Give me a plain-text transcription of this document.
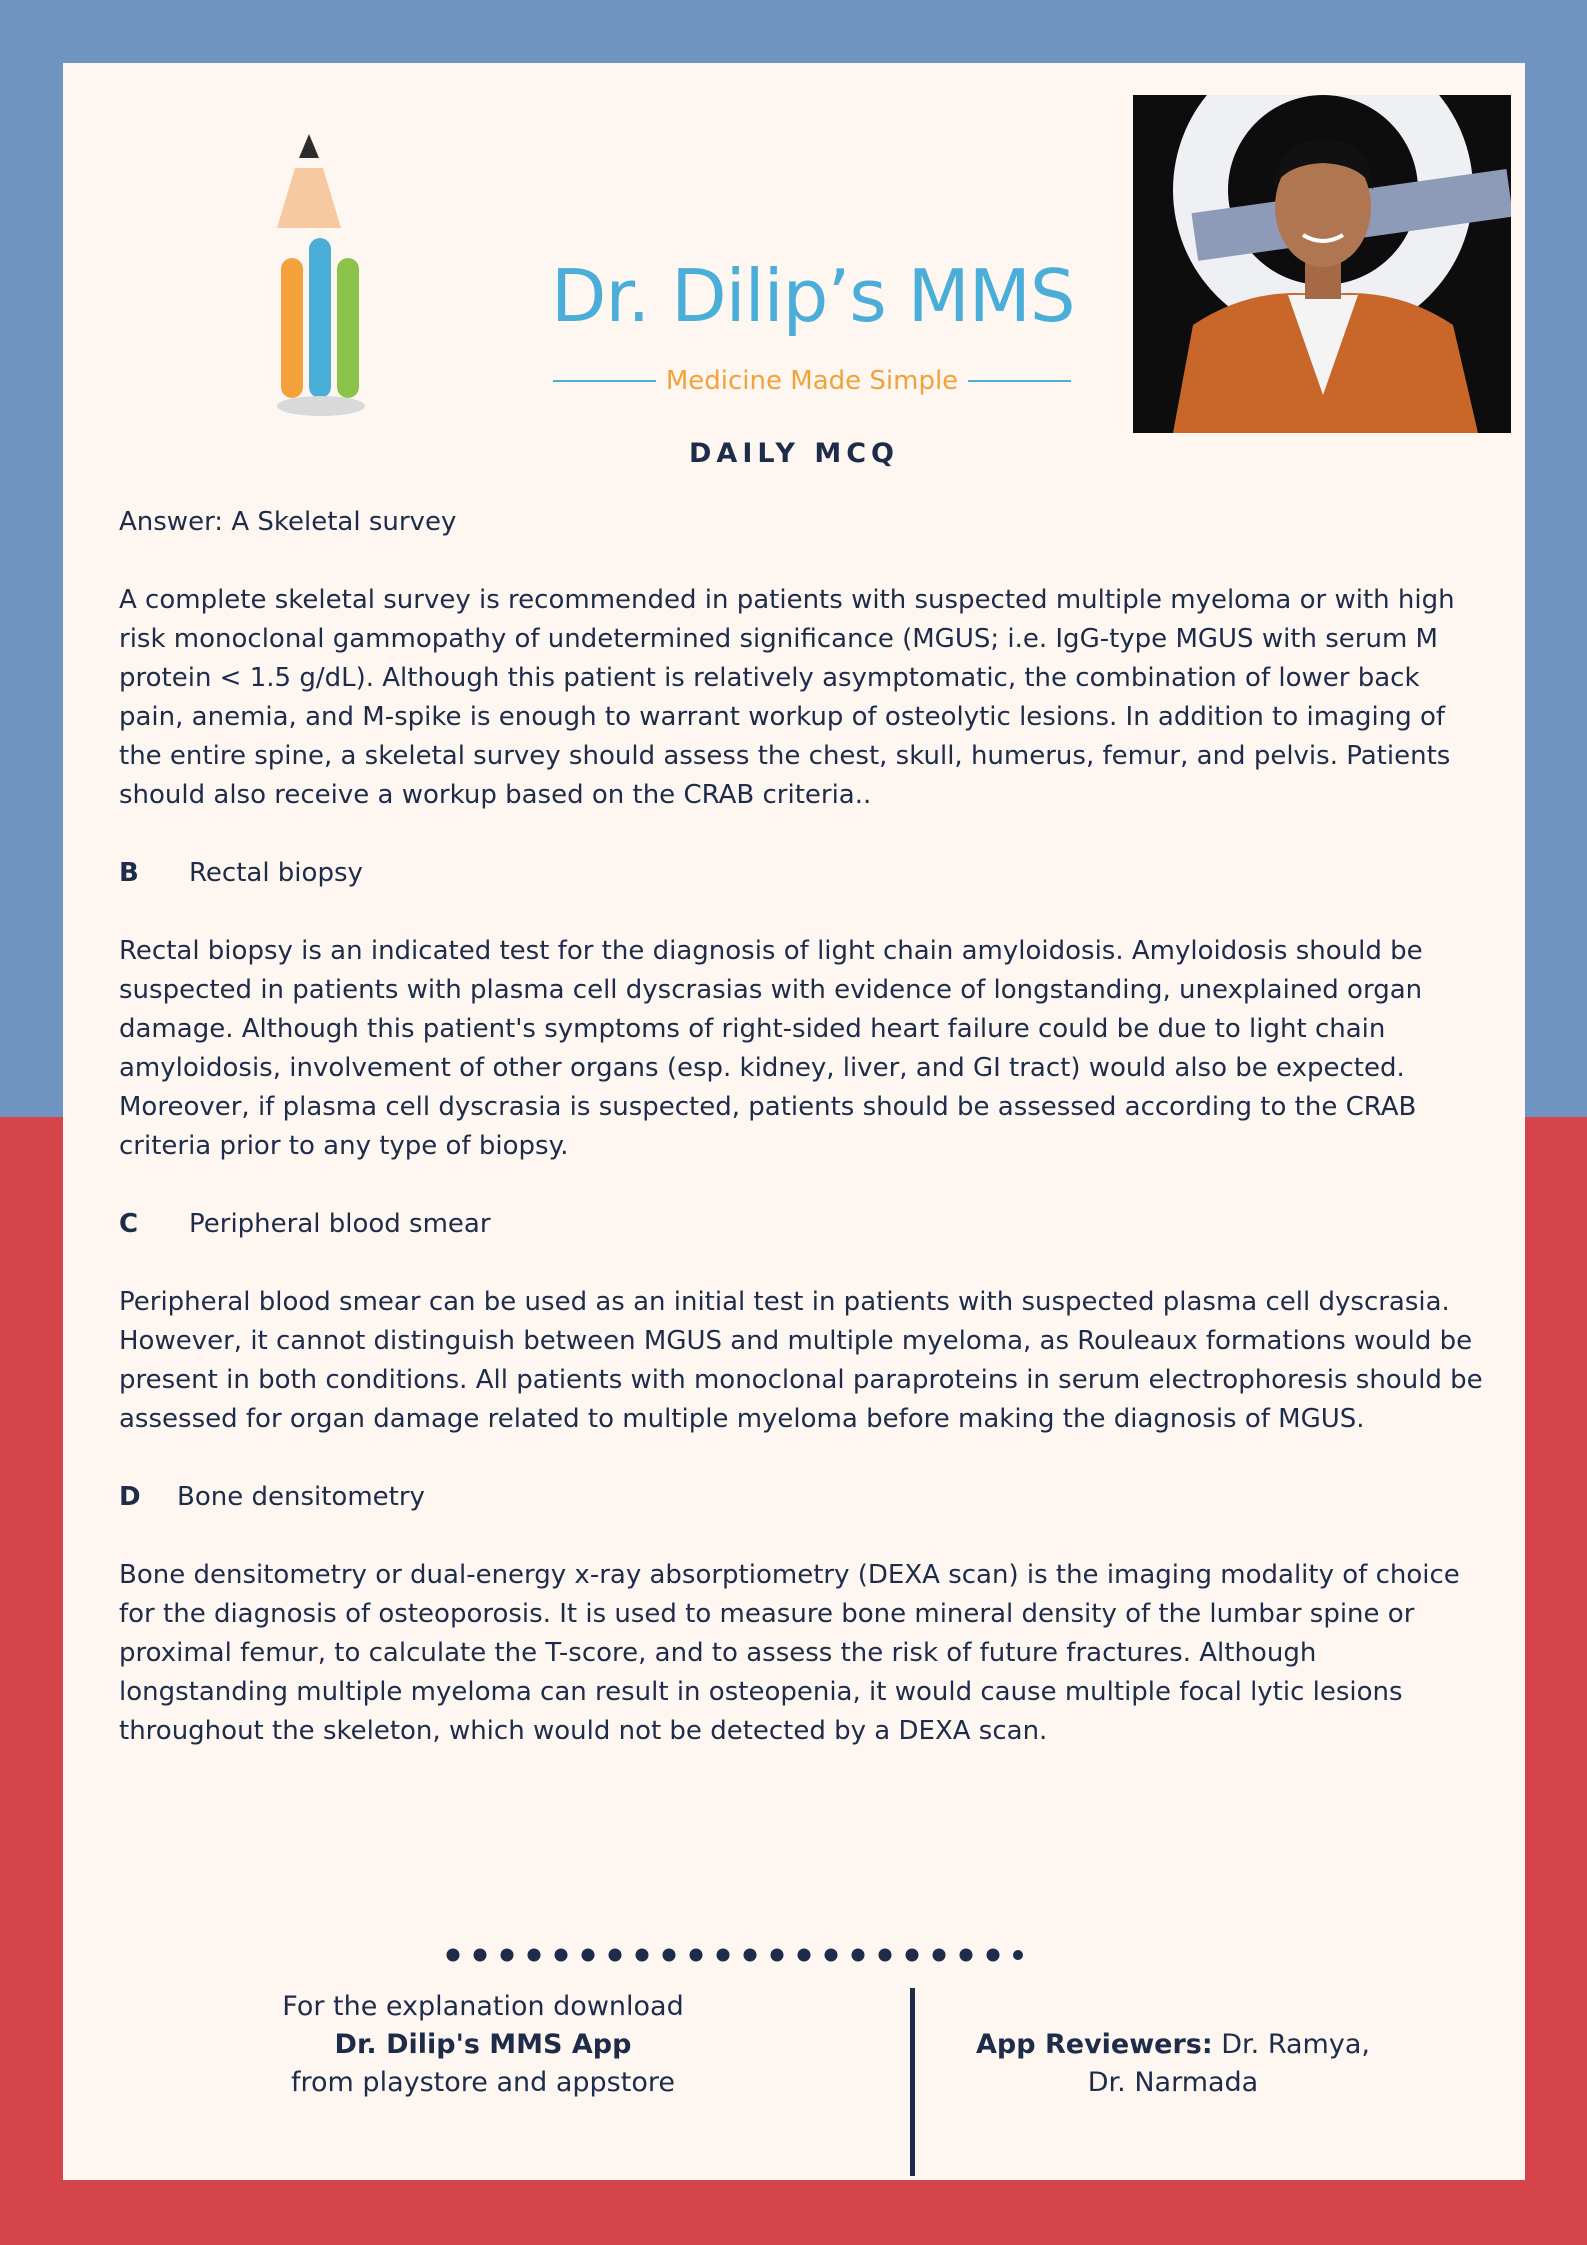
Dr. Dilip’s MMS
Medicine Made Simple
DAILY MCQ

Answer: A Skeletal survey

A complete skeletal survey is recommended in patients with suspected multiple myeloma or with high risk monoclonal gammopathy of undetermined significance (MGUS; i.e. IgG-type MGUS with serum M protein < 1.5 g/dL). Although this patient is relatively asymptomatic, the combination of lower back pain, anemia, and M-spike is enough to warrant workup of osteolytic lesions. In addition to imaging of the entire spine, a skeletal survey should assess the chest, skull, humerus, femur, and pelvis. Patients should also receive a workup based on the CRAB criteria..

B	Rectal biopsy

Rectal biopsy is an indicated test for the diagnosis of light chain amyloidosis. Amyloidosis should be suspected in patients with plasma cell dyscrasias with evidence of longstanding, unexplained organ damage. Although this patient's symptoms of right-sided heart failure could be due to light chain amyloidosis, involvement of other organs (esp. kidney, liver, and GI tract) would also be expected. Moreover, if plasma cell dyscrasia is suspected, patients should be assessed according to the CRAB criteria prior to any type of biopsy.

C	Peripheral blood smear

Peripheral blood smear can be used as an initial test in patients with suspected plasma cell dyscrasia. However, it cannot distinguish between MGUS and multiple myeloma, as Rouleaux formations would be present in both conditions. All patients with monoclonal paraproteins in serum electrophoresis should be assessed for organ damage related to multiple myeloma before making the diagnosis of MGUS.

D	Bone densitometry

Bone densitometry or dual-energy x-ray absorptiometry (DEXA scan) is the imaging modality of choice for the diagnosis of osteoporosis. It is used to measure bone mineral density of the lumbar spine or proximal femur, to calculate the T-score, and to assess the risk of future fractures. Although longstanding multiple myeloma can result in osteopenia, it would cause multiple focal lytic lesions throughout the skeleton, which would not be detected by a DEXA scan.

For the explanation download
Dr. Dilip's MMS App
from playstore and appstore
App Reviewers: Dr. Ramya,
Dr. Narmada
